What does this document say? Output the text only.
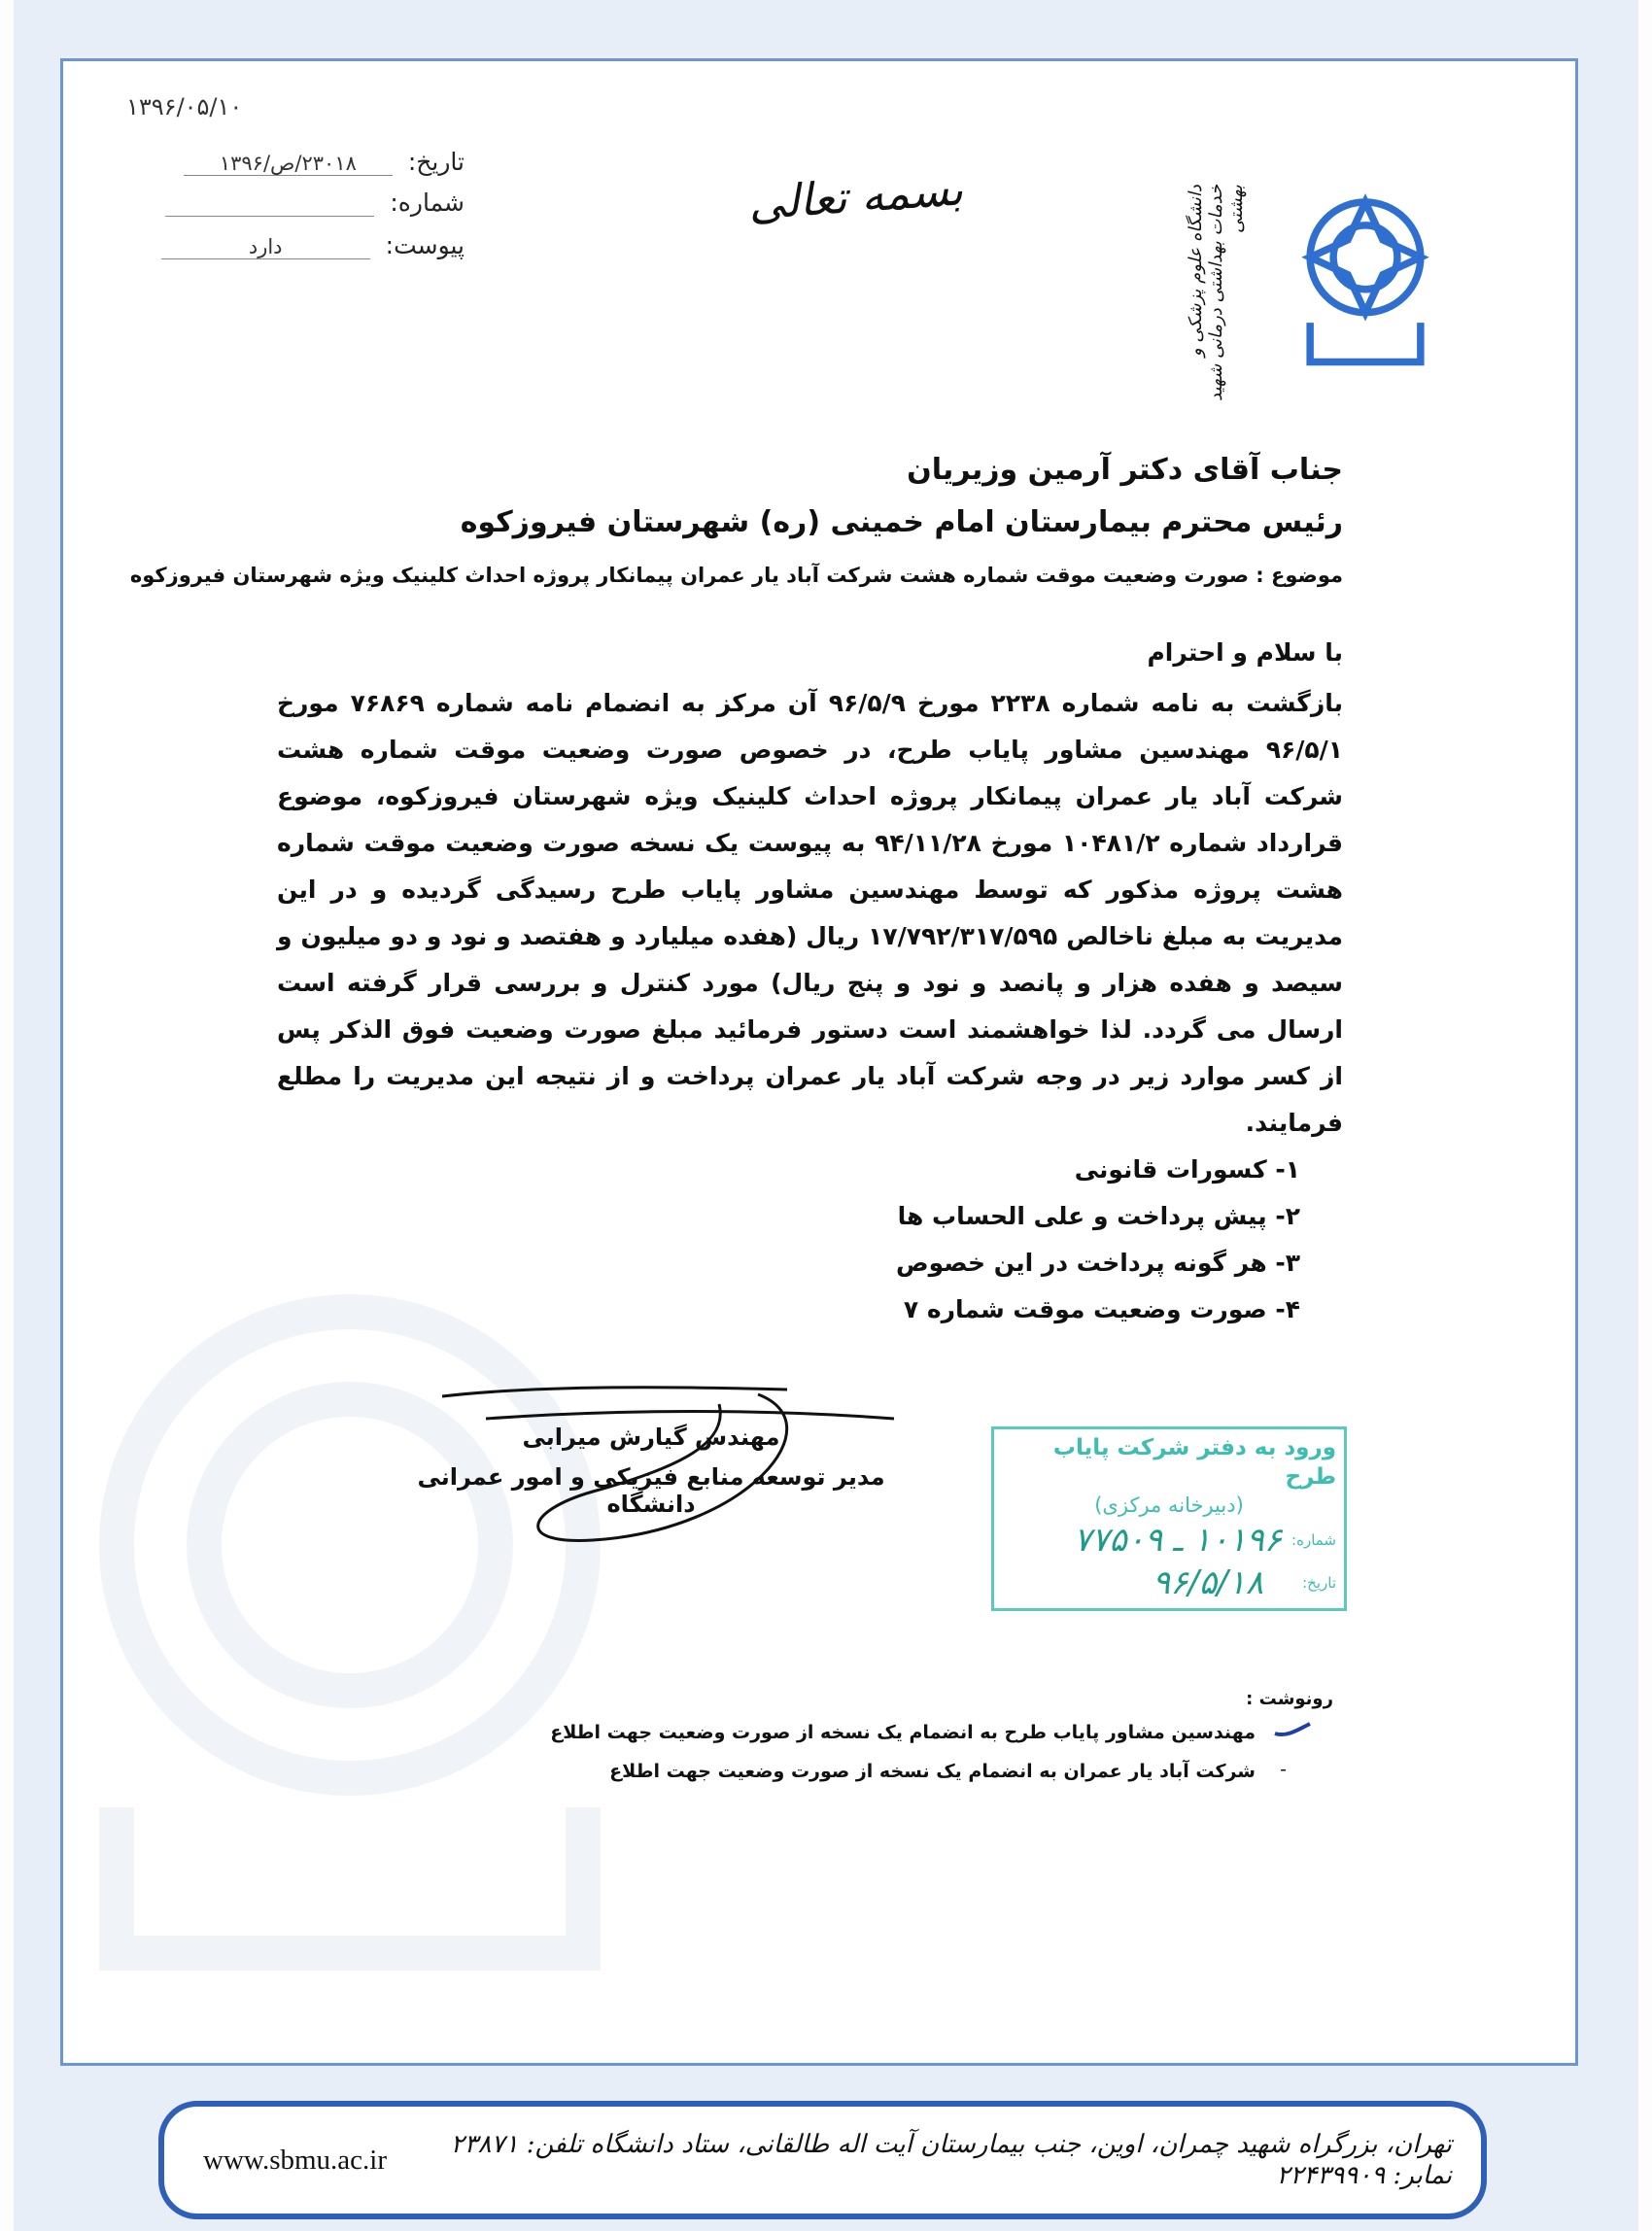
۱۳۹۶/۰۵/۱۰
تاریخ: ۲۳۰۱۸/ص/۱۳۹۶
شماره:
پیوست: دارد
بسمه تعالی	دانشگاه علوم پزشکی و خدمات بهداشتی درمانی شهید بهشتی
جناب آقای دکتر آرمین وزیریان
رئیس محترم بیمارستان امام خمینی (ره) شهرستان فیروزکوه
موضوع : صورت وضعیت موقت شماره هشت شرکت آباد یار عمران پیمانکار پروژه احداث کلینیک ویژه شهرستان فیروزکوه
با سلام و احترام
بازگشت به نامه شماره ۲۲۳۸ مورخ ۹۶/۵/۹ آن مرکز به انضمام نامه شماره ۷۶۸۶۹ مورخ ۹۶/۵/۱ مهندسین مشاور پایاب طرح، در خصوص صورت وضعیت موقت شماره هشت شرکت آباد یار عمران پیمانکار پروژه احداث کلینیک ویژه شهرستان فیروزکوه، موضوع قرارداد شماره ۱۰۴۸۱/۲ مورخ ۹۴/۱۱/۲۸ به پیوست یک نسخه صورت وضعیت موقت شماره هشت پروژه مذکور که توسط مهندسین مشاور پایاب طرح رسیدگی گردیده و در این مدیریت به مبلغ ناخالص ۱۷/۷۹۲/۳۱۷/۵۹۵ ریال (هفده میلیارد و هفتصد و نود و دو میلیون و سیصد و هفده هزار و پانصد و نود و پنج ریال) مورد کنترل و بررسی قرار گرفته است ارسال می گردد. لذا خواهشمند است دستور فرمائید مبلغ صورت وضعیت فوق الذکر پس از کسر موارد زیر در وجه شرکت آباد یار عمران پرداخت و از نتیجه این مدیریت را مطلع فرمایند.
۱- کسورات قانونی
۲- پیش پرداخت و علی الحساب ها
۳- هر گونه پرداخت در این خصوص
۴- صورت وضعیت موقت شماره ۷
مهندس گیارش میرابی
مدیر توسعه منابع فیزیکی و امور عمرانی دانشگاه
ورود به دفتر شرکت پایاب طرح
(دبیرخانه مرکزی)
شماره:
۱۰۱۹۶ ـ ۷۷۵۰۹
تاریخ:
۹۶/۵/۱۸
رونوشت :
مهندسین مشاور پایاب طرح به انضمام یک نسخه از صورت وضعیت جهت اطلاع
-
شرکت آباد یار عمران به انضمام یک نسخه از صورت وضعیت جهت اطلاع
www.sbmu.ac.ir	تهران، بزرگراه شهید چمران، اوین، جنب بیمارستان آیت اله طالقانی، ستاد دانشگاه تلفن: ۲۳۸۷۱ نمابر: ۲۲۴۳۹۹۰۹
